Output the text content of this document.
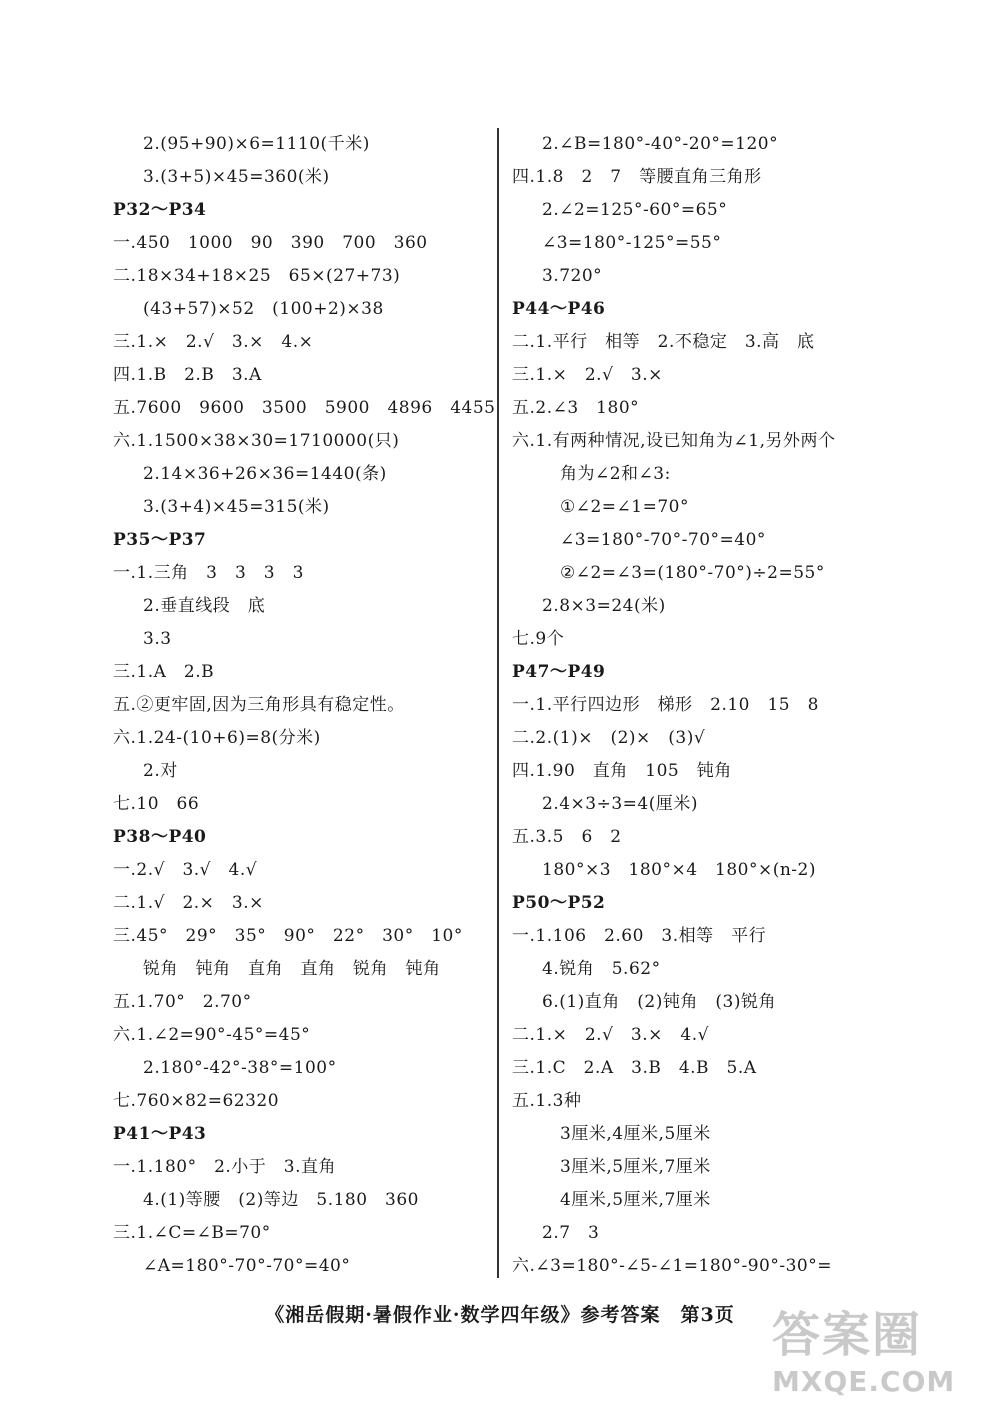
2.(95+90)×6=1110(千米)
3.(3+5)×45=360(米)
P32～P34
一.450　1000　90　390　700　360
二.18×34+18×25　65×(27+73)
(43+57)×52　(100+2)×38
三.1.×　2.√　3.×　4.×
四.1.B　2.B　3.A
五.7600　9600　3500　5900　4896　4455
六.1.1500×38×30=1710000(只)
2.14×36+26×36=1440(条)
3.(3+4)×45=315(米)
P35～P37
一.1.三角　3　3　3　3
2.垂直线段　底
3.3
三.1.A　2.B
五.②更牢固,因为三角形具有稳定性。
六.1.24-(10+6)=8(分米)
2.对
七.10　66
P38～P40
一.2.√　3.√　4.√
二.1.√　2.×　3.×
三.45°　29°　35°　90°　22°　30°　10°
锐角　钝角　直角　直角　锐角　钝角
五.1.70°　2.70°
六.1.∠2=90°-45°=45°
2.180°-42°-38°=100°
七.760×82=62320
P41～P43
一.1.180°　2.小于　3.直角
4.(1)等腰　(2)等边　5.180　360
三.1.∠C=∠B=70°
∠A=180°-70°-70°=40°
2.∠B=180°-40°-20°=120°
四.1.8　2　7　等腰直角三角形
2.∠2=125°-60°=65°
∠3=180°-125°=55°
3.720°
P44～P46
二.1.平行　相等　2.不稳定　3.高　底
三.1.×　2.√　3.×
五.2.∠3　180°
六.1.有两种情况,设已知角为∠1,另外两个
角为∠2和∠3:
①∠2=∠1=70°
∠3=180°-70°-70°=40°
②∠2=∠3=(180°-70°)÷2=55°
2.8×3=24(米)
七.9个
P47～P49
一.1.平行四边形　梯形　2.10　15　8
二.2.(1)×　(2)×　(3)√
四.1.90　直角　105　钝角
2.4×3÷3=4(厘米)
五.3.5　6　2
180°×3　180°×4　180°×(n-2)
P50～P52
一.1.106　2.60　3.相等　平行
4.锐角　5.62°
6.(1)直角　(2)钝角　(3)锐角
二.1.×　2.√　3.×　4.√
三.1.C　2.A　3.B　4.B　5.A
五.1.3种
3厘米,4厘米,5厘米
3厘米,5厘米,7厘米
4厘米,5厘米,7厘米
2.7　3
六.∠3=180°-∠5-∠1=180°-90°-30°=
《湘岳假期·暑假作业·数学四年级》参考答案　第3页 答案圈
MXQE.COM
